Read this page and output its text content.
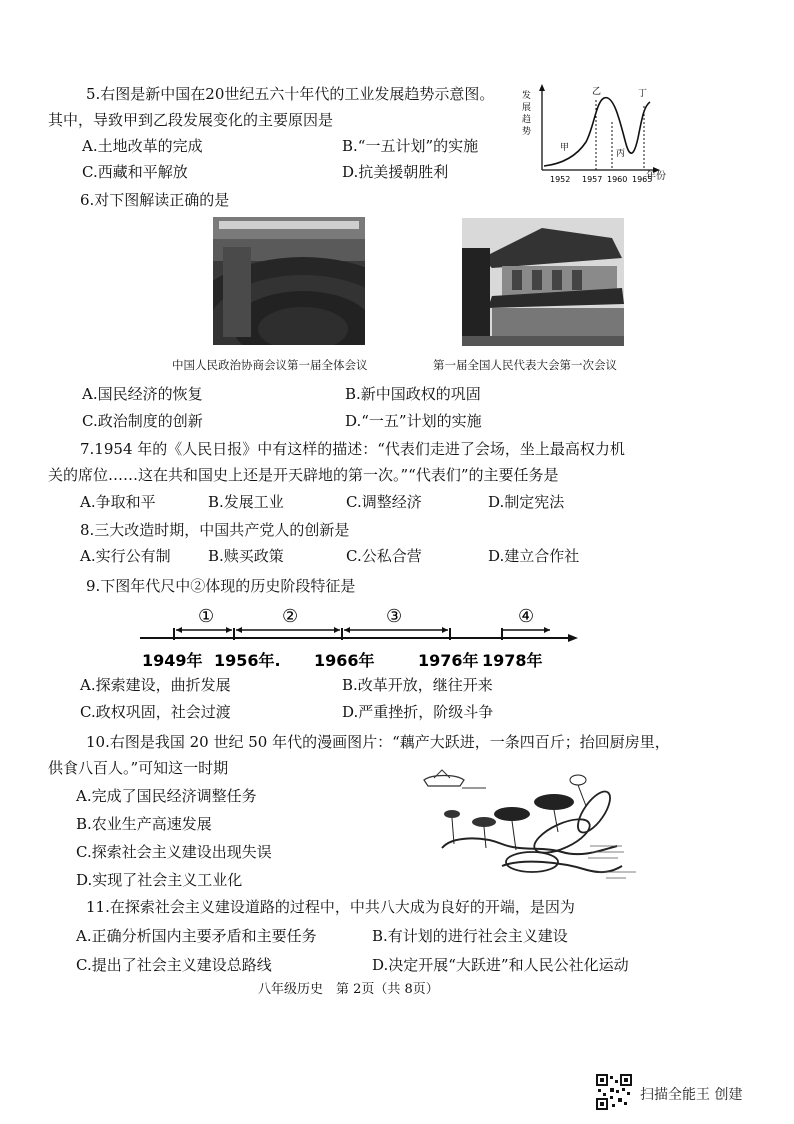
5.右图是新中国在20世纪五六十年代的工业发展趋势示意图。
其中，导致甲到乙段发展变化的主要原因是
A.土地改革的完成	B.“一五计划”的实施
C.西藏和平解放	D.抗美援朝胜利
发
展
趋
势
甲
乙
丙
丁
1952 1957 1960 1965
年份
6.对下图解读正确的是
中国人民政治协商会议第一届全体会议	第一届全国人民代表大会第一次会议
A.国民经济的恢复	B.新中国政权的巩固
C.政治制度的创新	D.“一五”计划的实施
7.1954 年的《人民日报》中有这样的描述：“代表们走进了会场，坐上最高权力机
关的席位……这在共和国史上还是开天辟地的第一次。”“代表们”的主要任务是
A.争取和平	B.发展工业	C.调整经济	D.制定宪法
8.三大改造时期，中国共产党人的创新是
A.实行公有制 B.赎买政策	C.公私合营	D.建立合作社
9.下图年代尺中②体现的历史阶段特征是
①	②	③	④
1949年 1956年. 1966年	1976年 1978年
A.探索建设，曲折发展	B.改革开放，继往开来
C.政权巩固，社会过渡	D.严重挫折，阶级斗争
10.右图是我国 20 世纪 50 年代的漫画图片：“藕产大跃进，一条四百斤；抬回厨房里，
供食八百人。”可知这一时期
A.完成了国民经济调整任务
B.农业生产高速发展
C.探索社会主义建设出现失误
D.实现了社会主义工业化
11.在探索社会主义建设道路的过程中，中共八大成为良好的开端，是因为
A.正确分析国内主要矛盾和主要任务	B.有计划的进行社会主义建设
C.提出了社会主义建设总路线	D.决定开展“大跃进”和人民公社化运动
八年级历史　第 2页（共 8页）
扫描全能王 创建
